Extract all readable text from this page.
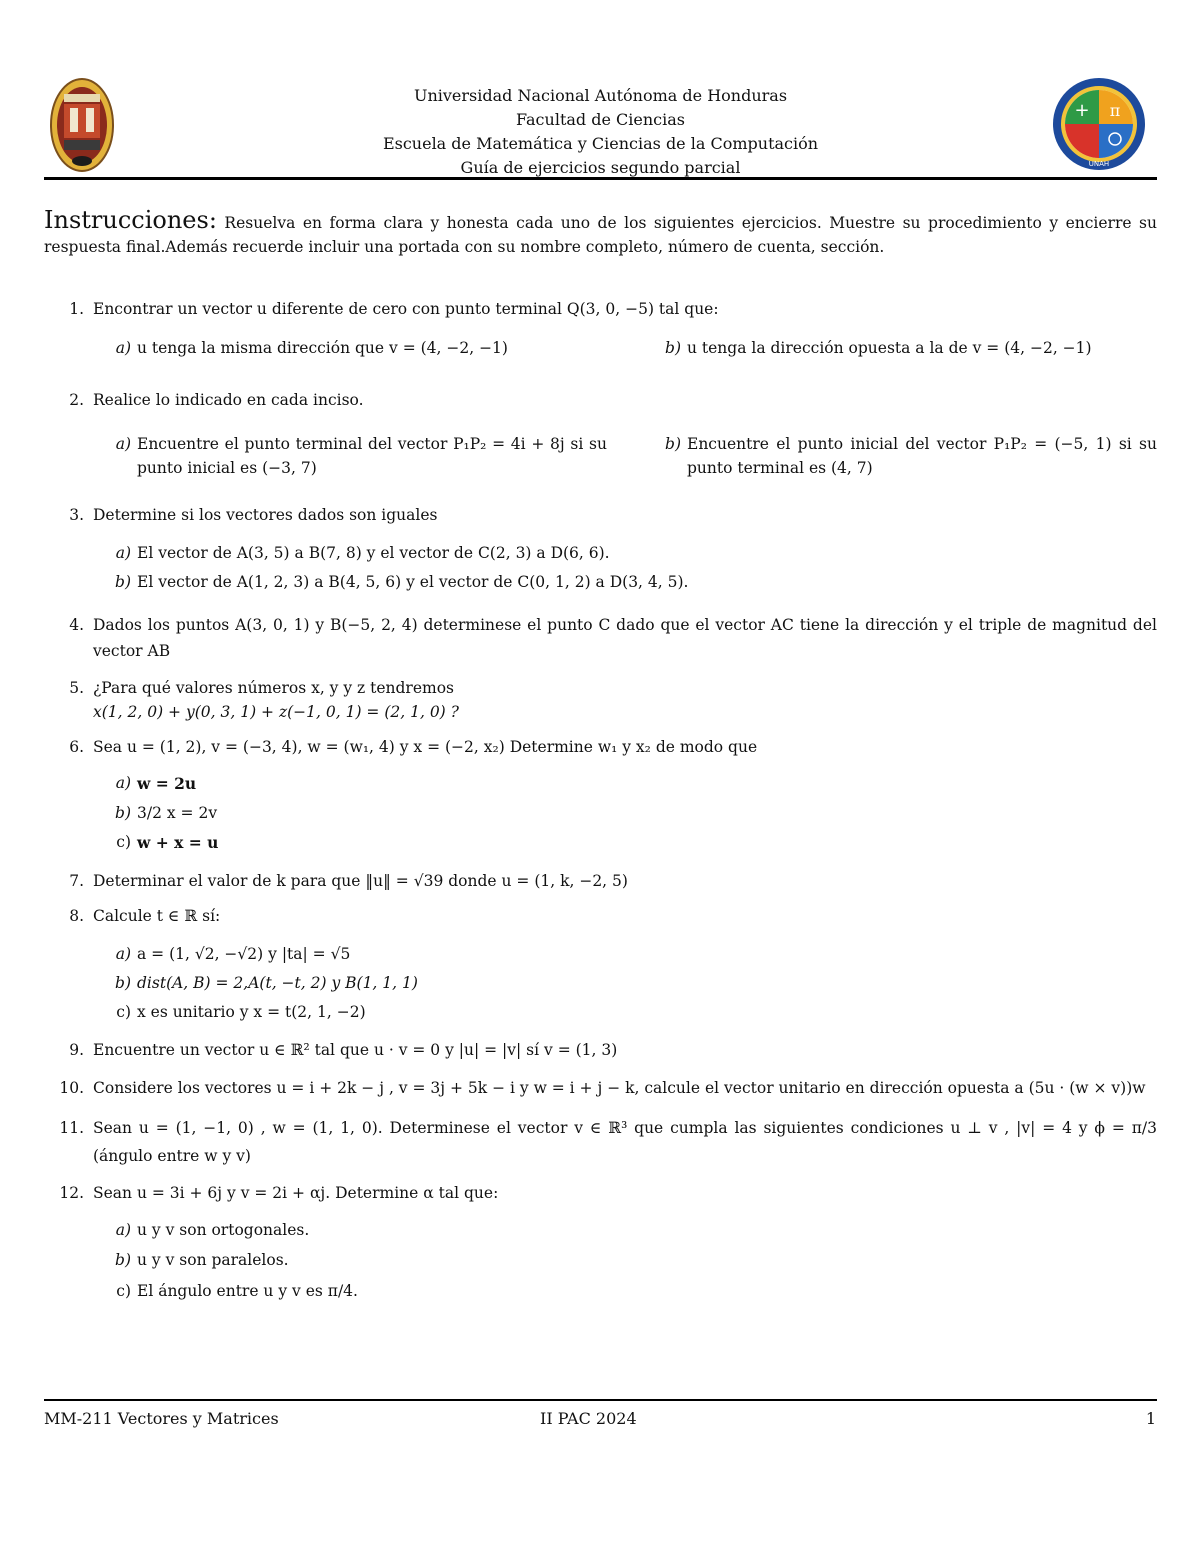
Universidad Nacional Autónoma de Honduras
Facultad de Ciencias
Escuela de Matemática y Ciencias de la Computación
Guía de ejercicios segundo parcial
+ π
UNAH
Instrucciones: Resuelva en forma clara y honesta cada uno de los siguientes ejercicios. Muestre su procedimiento y encierre su respuesta final.Además recuerde incluir una portada con su nombre completo, número de cuenta, sección.
1. Encontrar un vector u diferente de cero con punto terminal Q(3, 0, −5) tal que:
a) u tenga la misma dirección que v = (4, −2, −1)	b) u tenga la dirección opuesta a la de v = (4, −2, −1)
2. Realice lo indicado en cada inciso.
a) Encuentre el punto terminal del vector P₁P₂ = 4i + 8j si su punto inicial es (−3, 7)
b) Encuentre el punto inicial del vector P₁P₂ = (−5, 1) si su punto terminal es (4, 7)
3. Determine si los vectores dados son iguales
a) El vector de A(3, 5) a B(7, 8) y el vector de C(2, 3) a D(6, 6).
b) El vector de A(1, 2, 3) a B(4, 5, 6) y el vector de C(0, 1, 2) a D(3, 4, 5).
4. Dados los puntos A(3, 0, 1) y B(−5, 2, 4) determinese el punto C dado que el vector AC tiene la dirección y el triple de magnitud del vector AB
5. ¿Para qué valores números x, y y z tendremos
x(1, 2, 0) + y(0, 3, 1) + z(−1, 0, 1) = (2, 1, 0) ?
6. Sea u = (1, 2), v = (−3, 4), w = (w₁, 4) y x = (−2, x₂) Determine w₁ y x₂ de modo que
a) w = 2u
b) 3/2 x = 2v
c) w + x = u
7. Determinar el valor de k para que ‖u‖ = √39 donde u = (1, k, −2, 5)
8. Calcule t ∈ ℝ sí:
a) a = (1, √2, −√2) y |ta| = √5
b) dist(A, B) = 2,A(t, −t, 2) y B(1, 1, 1)
c) x es unitario y x = t(2, 1, −2)
9. Encuentre un vector u ∈ ℝ² tal que u · v = 0 y |u| = |v| sí v = (1, 3)
10. Considere los vectores u = i + 2k − j , v = 3j + 5k − i y w = i + j − k, calcule el vector unitario en dirección opuesta a (5u · (w × v))w
11. Sean u = (1, −1, 0) , w = (1, 1, 0). Determinese el vector v ∈ ℝ³ que cumpla las siguientes condiciones u ⊥ v , |v| = 4 y ϕ = π/3 (ángulo entre w y v)
12. Sean u = 3i + 6j y v = 2i + αj. Determine α tal que:
a) u y v son ortogonales.
b) u y v son paralelos.
c) El ángulo entre u y v es π/4.
MM-211 Vectores y Matrices	II PAC 2024	1
